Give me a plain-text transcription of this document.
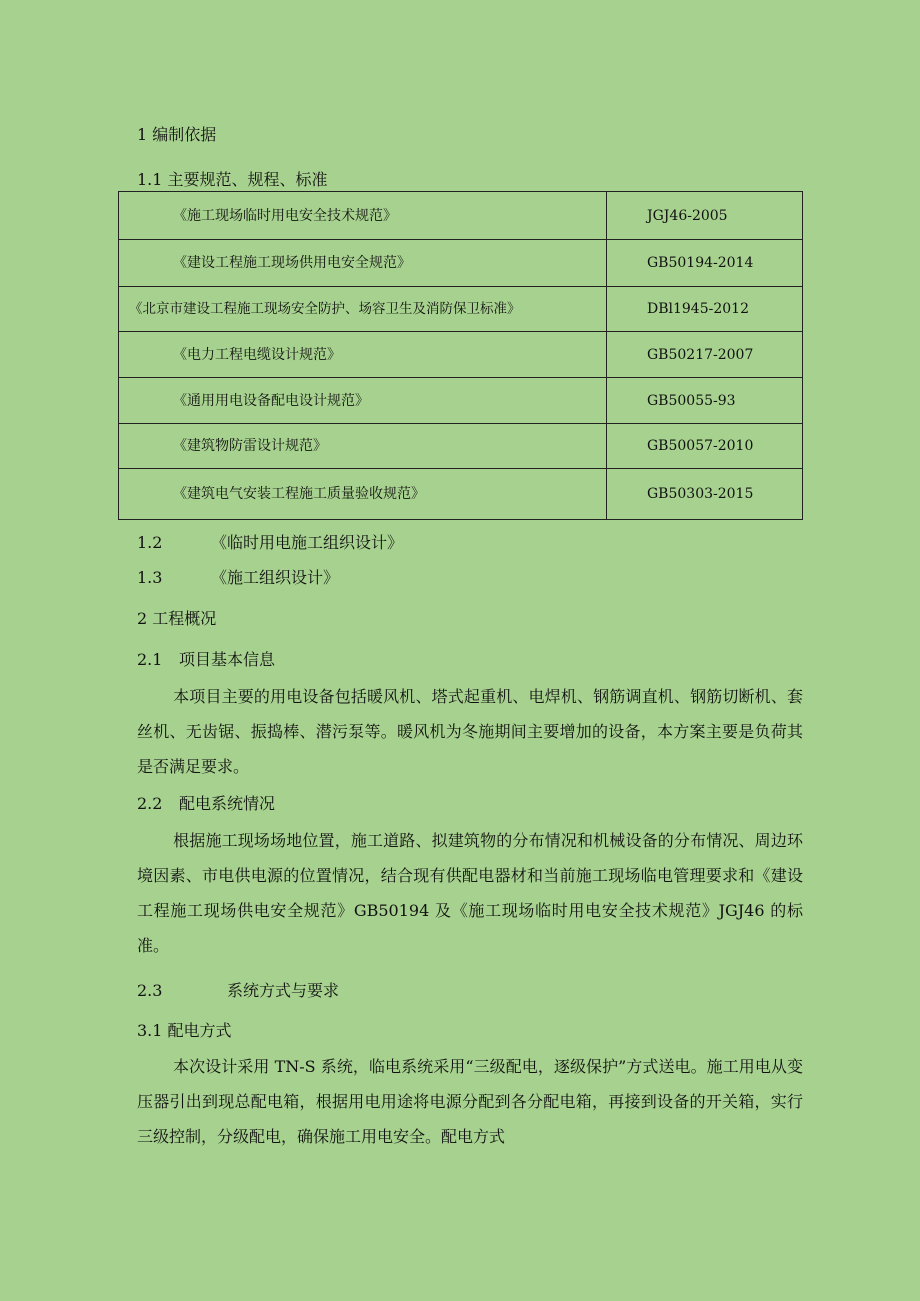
1 编制依据
1.1 主要规范、规程、标准
《施工现场临时用电安全技术规范》	JGJ46-2005
《建设工程施工现场供用电安全规范》	GB50194-2014
《北京市建设工程施工现场安全防护、场容卫生及消防保卫标准》	DBl1945-2012
《电力工程电缆设计规范》	GB50217-2007
《通用用电设备配电设计规范》	GB50055-93
《建筑物防雷设计规范》	GB50057-2010
《建筑电气安装工程施工质量验收规范》	GB50303-2015
1.2	《临时用电施工组织设计》
1.3	《施工组织设计》
2 工程概况
2.1 项目基本信息
本项目主要的用电设备包括暖风机、塔式起重机、电焊机、钢筋调直机、钢筋切断机、套丝机、无齿锯、振捣棒、潜污泵等。暖风机为冬施期间主要增加的设备，本方案主要是负荷其是否满足要求。
2.2 配电系统情况
根据施工现场场地位置，施工道路、拟建筑物的分布情况和机械设备的分布情况、周边环境因素、市电供电源的位置情况，结合现有供配电器材和当前施工现场临电管理要求和《建设工程施工现场供电安全规范》GB50194 及《施工现场临时用电安全技术规范》JGJ46 的标准。
2.3	系统方式与要求
3.1 配电方式
本次设计采用 TN-S 系统，临电系统采用“三级配电，逐级保护”方式送电。施工用电从变压器引出到现总配电箱，根据用电用途将电源分配到各分配电箱，再接到设备的开关箱，实行三级控制，分级配电，确保施工用电安全。配电方式
